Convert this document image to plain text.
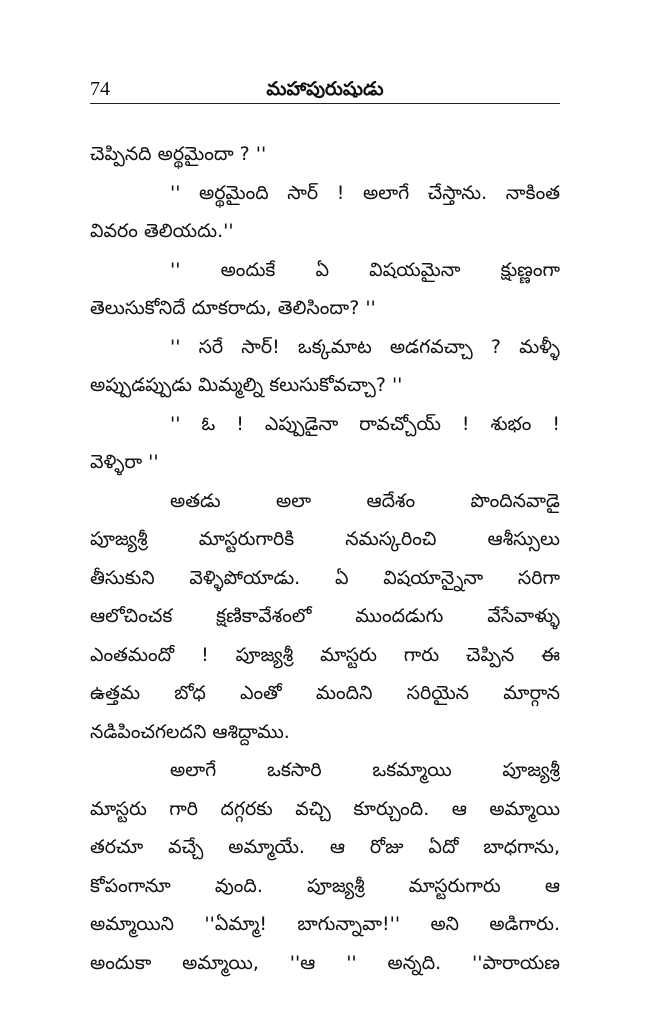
74	మహాపురుషుడు
చెప్పినది అర్థమైందా ? ''
'' అర్థమైంది సార్ ! అలాగే చేస్తాను. నాకింత
వివరం తెలియదు.''
'' అందుకే ఏ విషయమైనా క్షుణ్ణంగా
తెలుసుకోనిదే దూకరాదు, తెలిసిందా? ''
'' సరే సార్! ఒక్కమాట అడగవచ్చా ? మళ్ళీ
అప్పుడప్పుడు మిమ్మల్ని కలుసుకోవచ్చా? ''
'' ఓ ! ఎప్పుడైనా రావచ్చోయ్ ! శుభం !
వెళ్ళిరా ''
అతడు అలా ఆదేశం పొందినవాడై
పూజ్యశ్రీ మాస్టరుగారికి నమస్కరించి ఆశీస్సులు
తీసుకుని వెళ్ళిపోయాడు. ఏ విషయాన్నైనా సరిగా
ఆలోచించక క్షణికావేశంలో ముందడుగు వేసేవాళ్ళు
ఎంతమందో ! పూజ్యశ్రీ మాస్టరు గారు చెప్పిన ఈ
ఉత్తమ బోధ ఎంతో మందిని సరియైన మార్గాన
నడిపించగలదని ఆశిద్దాము.
అలాగే ఒకసారి ఒకమ్మాయి పూజ్యశ్రీ
మాస్టరు గారి దగ్గరకు వచ్చి కూర్చుంది. ఆ అమ్మాయి
తరచూ వచ్చే అమ్మాయే. ఆ రోజు ఏదో బాధగాను,
కోపంగానూ వుంది. పూజ్యశ్రీ మాస్టరుగారు ఆ
అమ్మాయిని ''ఏమ్మా! బాగున్నావా!'' అని అడిగారు.
అందుకా అమ్మాయి, ''ఆ '' అన్నది. ''పారాయణ
